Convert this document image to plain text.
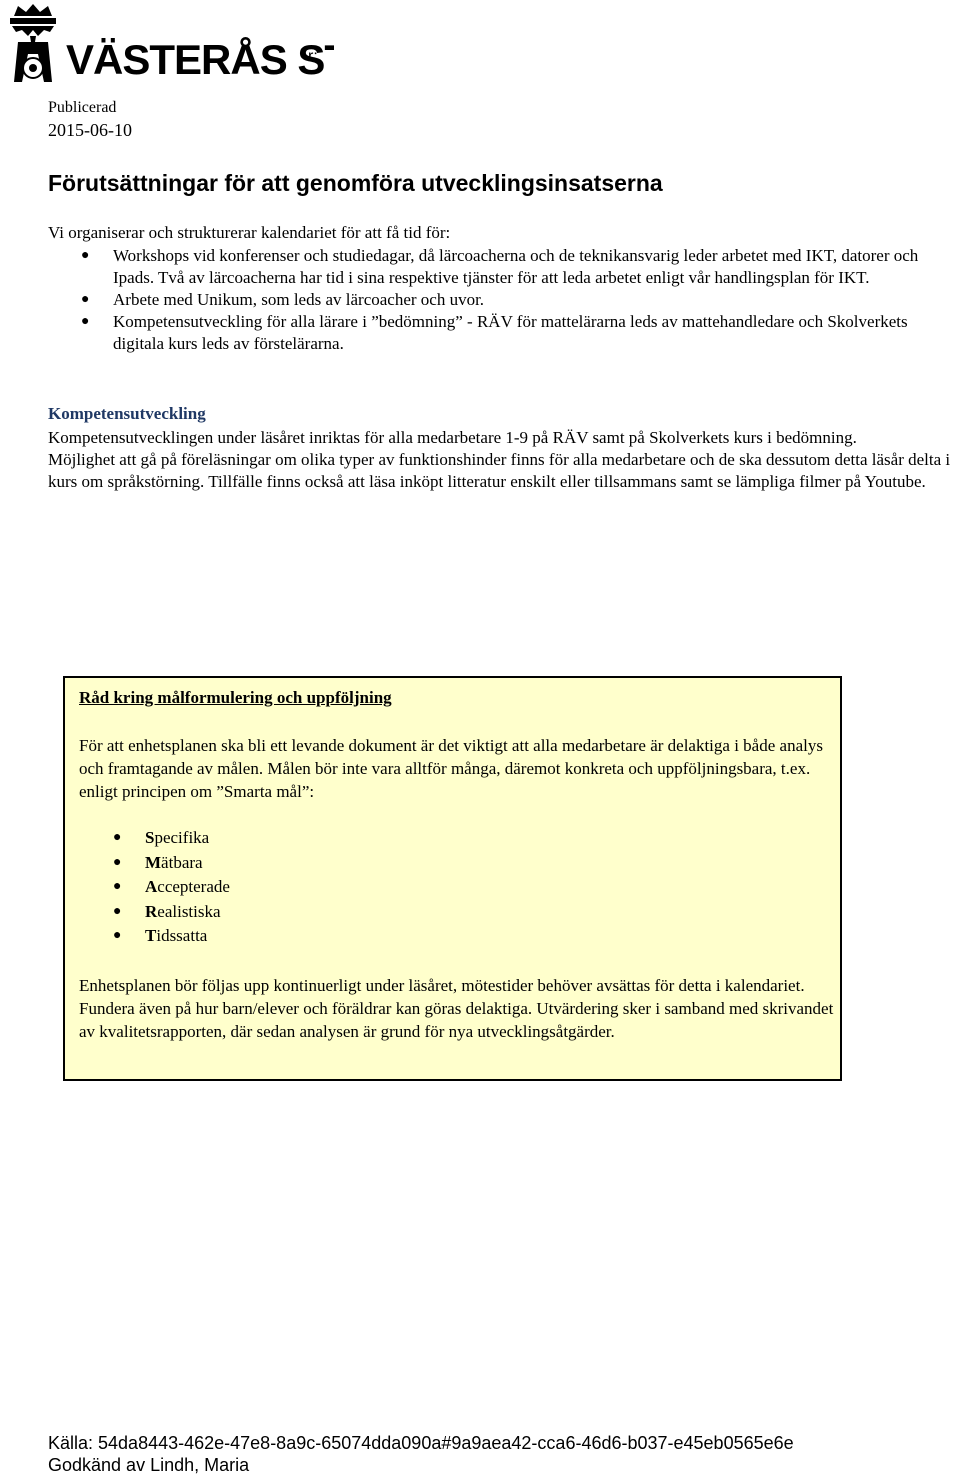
VÄSTERÅS S
r:
Publicerad
2015-06-10
Förutsättningar för att genomföra utvecklingsinsatserna

Vi organiserar och strukturerar kalendariet för att få tid för:

● Workshops vid konferenser och studiedagar, då lärcoacherna och de teknikansvarig leder arbetet med IKT, datorer och Ipads. Två av lärcoacherna har tid i sina respektive tjänster för att leda arbetet enligt vår handlingsplan för IKT.
● Arbete med Unikum, som leds av lärcoacher och uvor.
● Kompetensutveckling för alla lärare i ”bedömning” - RÄV för mattelärarna leds av mattehandledare och Skolverkets digitala kurs leds av förstelärarna.
Kompetensutveckling

Kompetensutvecklingen under läsåret inriktas för alla medarbetare 1-9 på RÄV samt på Skolverkets kurs i bedömning.

Möjlighet att gå på föreläsningar om olika typer av funktionshinder finns för alla medarbetare och de ska dessutom detta läsår delta i kurs om språkstörning. Tillfälle finns också att läsa inköpt litteratur enskilt eller tillsammans samt se lämpliga filmer på Youtube.

Råd kring målformulering och uppföljning
För att enhetsplanen ska bli ett levande dokument är det viktigt att alla medarbetare är delaktiga i både analys och framtagande av målen. Målen bör inte vara alltför många, däremot konkreta och uppföljningsbara, t.ex. enligt principen om ”Smarta mål”:
● Specifika
● Mätbara
● Accepterade
● Realistiska
● Tidssatta
Enhetsplanen bör följas upp kontinuerligt under läsåret, mötestider behöver avsättas för detta i kalendariet. Fundera även på hur barn/elever och föräldrar kan göras delaktiga. Utvärdering sker i samband med skrivandet av kvalitetsrapporten, där sedan analysen är grund för nya utvecklingsåtgärder.
Källa: 54da8443-462e-47e8-8a9c-65074dda090a#9a9aea42-cca6-46d6-b037-e45eb0565e6e
Godkänd av Lindh, Maria
